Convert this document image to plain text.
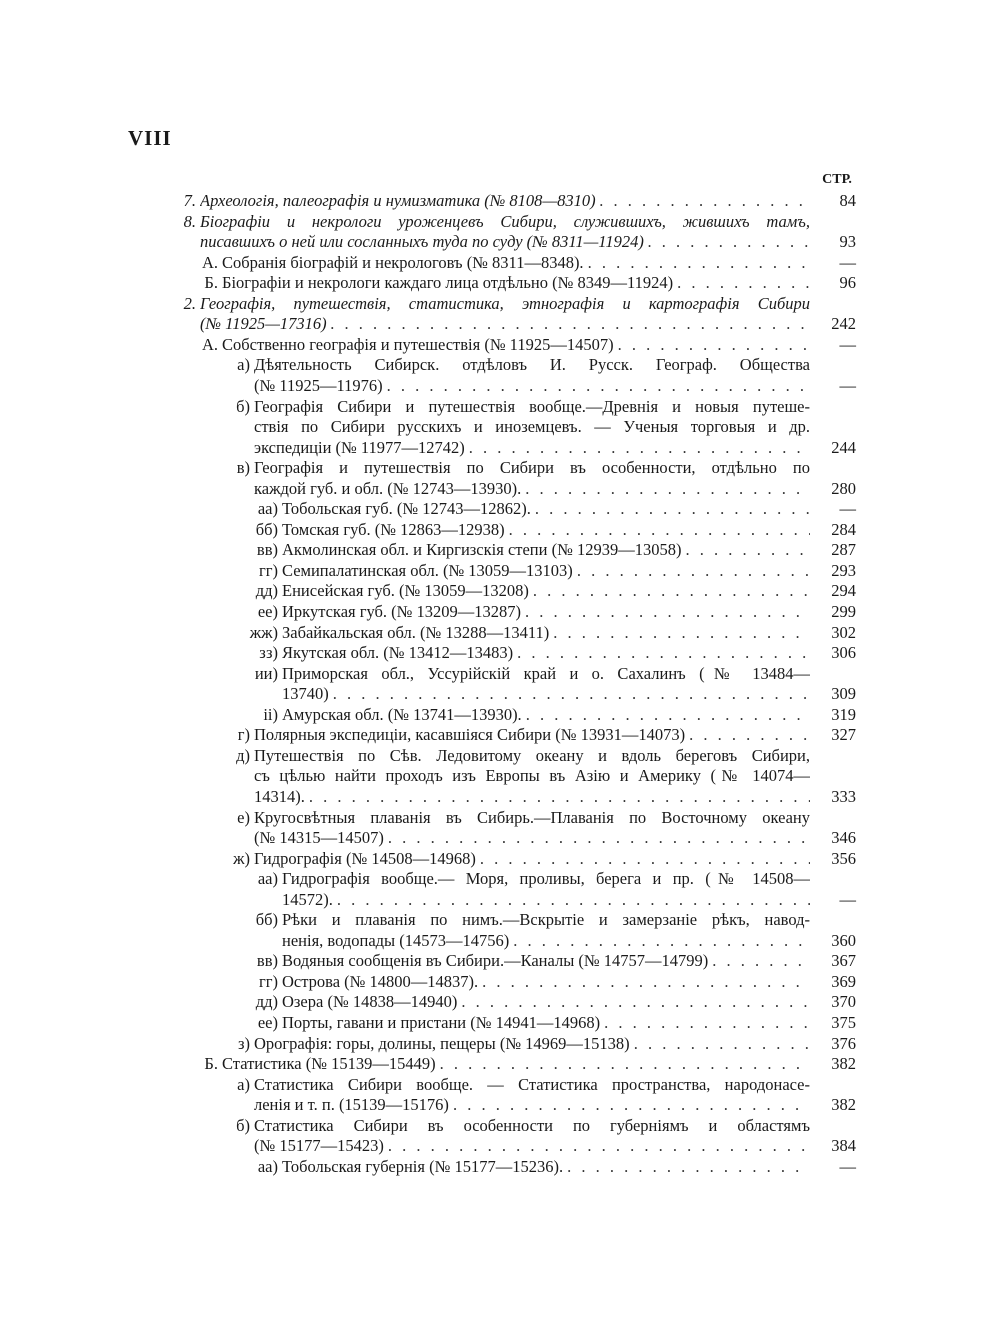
VIII
СТР.
7. Археологія, палеографія и нумизматика (№ 8108—8310) . . .	84
8. Біографіи и некрологи уроженцевъ Сибири, служившихъ, жившихъ тамъ,
писавшихъ о ней или сосланныхъ туда по суду (№ 8311—11924) . . .	93
А. Собранія біографій и некрологовъ (№ 8311—8348). . . .	—
Б. Біографіи и некрологи каждаго лица отдѣльно (№ 8349—11924) . . .	96
2. Географія, путешествія, статистика, этнографія и картографія Сибири
(№ 11925—17316) . . .	242
А. Собственно географія и путешествія (№ 11925—14507) . . .	—
а) Дѣятельность Сибирск. отдѣловъ И. Русск. Географ. Общества
(№ 11925—11976) . . .	—
б) Географія Сибири и путешествія вообще.—Древнія и новыя путеше-
ствія по Сибири русскихъ и иноземцевъ. — Ученыя торговыя и др.
экспедиціи (№ 11977—12742) . . .	244
в) Географія и путешествія по Сибири въ особенности, отдѣльно по
каждой губ. и обл. (№ 12743—13930). . . .	280
аа) Тобольская губ. (№ 12743—12862). . . .	—
бб) Томская губ. (№ 12863—12938) . . .	284
вв) Акмолинская обл. и Киргизскія степи (№ 12939—13058) . . .	287
гг) Семипалатинская обл. (№ 13059—13103) . . .	293
дд) Енисейская губ. (№ 13059—13208) . . .	294
ее) Иркутская губ. (№ 13209—13287) . . .	299
жж) Забайкальская обл. (№ 13288—13411) . . .	302
зз) Якутская обл. (№ 13412—13483) . . .	306
ии) Приморская обл., Уссурійскій край и о. Сахалинъ (№ 13484—
13740) . . .	309
іі) Амурская обл. (№ 13741—13930). . . .	319
г) Полярныя экспедиціи, касавшіяся Сибири (№ 13931—14073) . . .	327
д) Путешествія по Сѣв. Ледовитому океану и вдоль береговъ Сибири,
съ цѣлью найти проходъ изъ Европы въ Азію и Америку (№ 14074—
14314). . . .	333
е) Кругосвѣтныя плаванія въ Сибирь.—Плаванія по Восточному океану
(№ 14315—14507) . . .	346
ж) Гидрографія (№ 14508—14968) . . .	356
аа) Гидрографія вообще.— Моря, проливы, берега и пр. (№ 14508—
14572). . . .	—
бб) Рѣки и плаванія по нимъ.—Вскрытіе и замерзаніе рѣкъ, навод-
ненія, водопады (14573—14756) . . .	360
вв) Водяныя сообщенія въ Сибири.—Каналы (№ 14757—14799) . . .	367
гг) Острова (№ 14800—14837). . . .	369
дд) Озера (№ 14838—14940) . . .	370
ее) Порты, гавани и пристани (№ 14941—14968) . . .	375
з) Орографія: горы, долины, пещеры (№ 14969—15138) . . .	376
Б. Статистика (№ 15139—15449) . . .	382
а) Статистика Сибири вообще. — Статистика пространства, народонасе-
ленія и т. п. (15139—15176) . . .	382
б) Статистика Сибири въ особенности по губерніямъ и областямъ
(№ 15177—15423) . . .	384
аа) Тобольская губернія (№ 15177—15236). . . .	—
